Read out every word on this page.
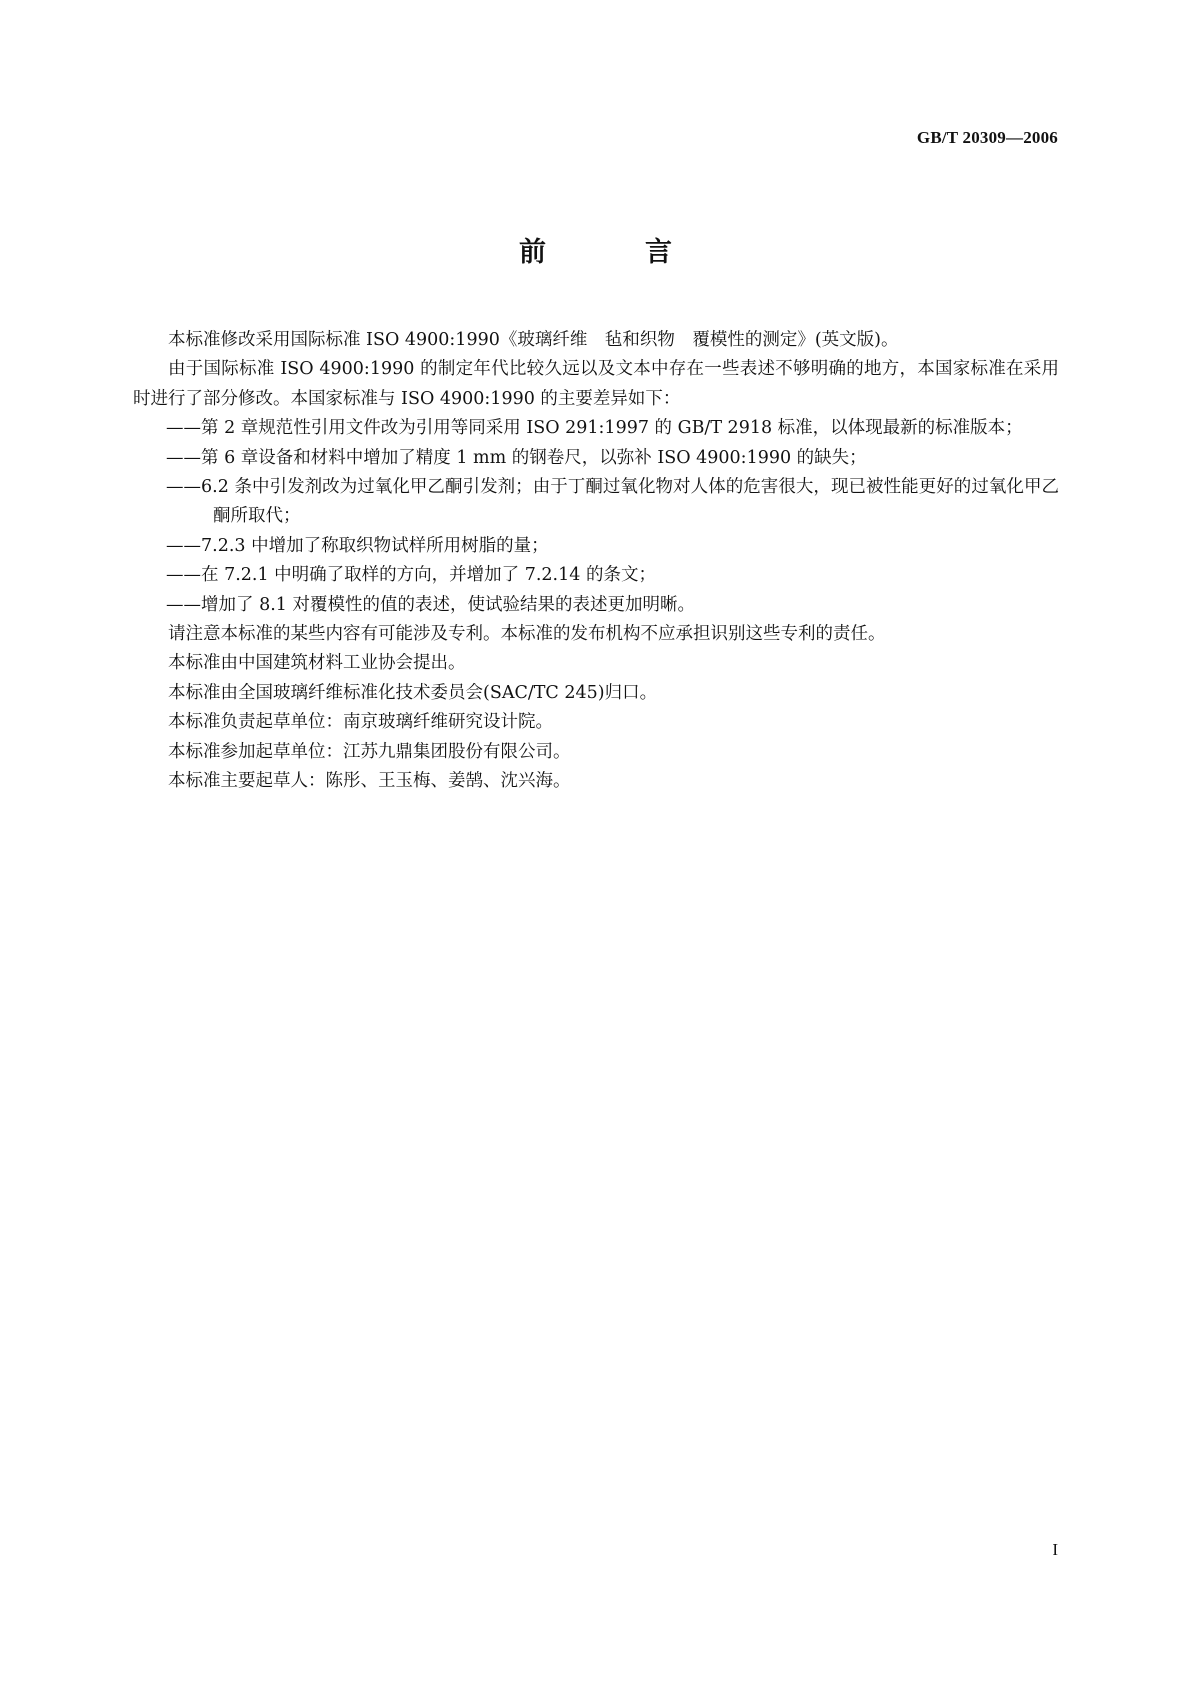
GB/T 20309—2006
前　言

本标准修改采用国际标准 ISO 4900:1990《玻璃纤维　毡和织物　覆模性的测定》(英文版)。

由于国际标准 ISO 4900:1990 的制定年代比较久远以及文本中存在一些表述不够明确的地方，本国家标准在采用时进行了部分修改。本国家标准与 ISO 4900:1990 的主要差异如下：

——第 2 章规范性引用文件改为引用等同采用 ISO 291:1997 的 GB/T 2918 标准，以体现最新的标准版本；

——第 6 章设备和材料中增加了精度 1 mm 的钢卷尺，以弥补 ISO 4900:1990 的缺失；

——6.2 条中引发剂改为过氧化甲乙酮引发剂；由于丁酮过氧化物对人体的危害很大，现已被性能更好的过氧化甲乙酮所取代；

——7.2.3 中增加了称取织物试样所用树脂的量；

——在 7.2.1 中明确了取样的方向，并增加了 7.2.14 的条文；

——增加了 8.1 对覆模性的值的表述，使试验结果的表述更加明晰。

请注意本标准的某些内容有可能涉及专利。本标准的发布机构不应承担识别这些专利的责任。

本标准由中国建筑材料工业协会提出。

本标准由全国玻璃纤维标准化技术委员会(SAC/TC 245)归口。

本标准负责起草单位：南京玻璃纤维研究设计院。

本标准参加起草单位：江苏九鼎集团股份有限公司。

本标准主要起草人：陈彤、王玉梅、姜鹄、沈兴海。

I
